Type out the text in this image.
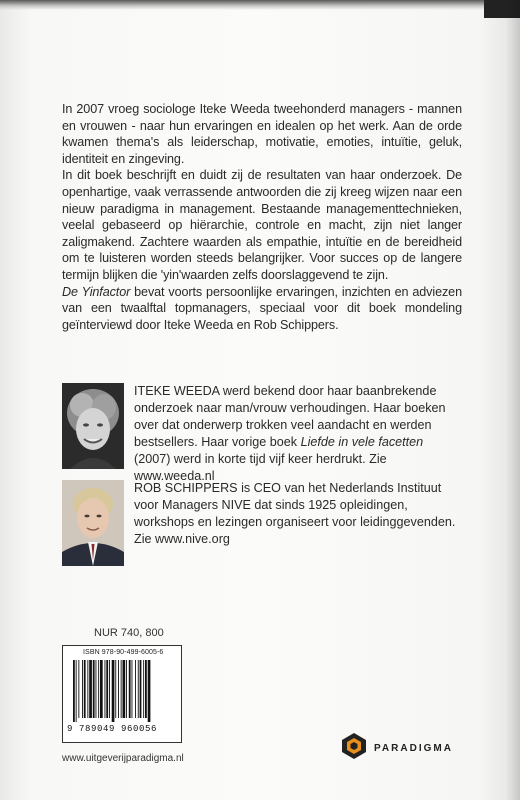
In 2007 vroeg sociologe Iteke Weeda tweehonderd managers - mannen en vrouwen - naar hun ervaringen en idealen op het werk. Aan de orde kwamen thema's als leiderschap, motivatie, emoties, intuïtie, geluk, identiteit en zingeving.

In dit boek beschrijft en duidt zij de resultaten van haar onderzoek. De openhartige, vaak verrassende antwoorden die zij kreeg wijzen naar een nieuw paradigma in management. Bestaande managementtechnieken, veelal gebaseerd op hiërarchie, controle en macht, zijn niet langer zaligmakend. Zachtere waarden als empathie, intuïtie en de bereidheid om te luisteren worden steeds belangrijker. Voor succes op de langere termijn blijken die 'yin'waarden zelfs doorslaggevend te zijn.

De Yinfactor bevat voorts persoonlijke ervaringen, inzichten en adviezen van een twaalftal topmanagers, speciaal voor dit boek mondeling geïnterviewd door Iteke Weeda en Rob Schippers.

ITEKE WEEDA werd bekend door haar baanbrekende onderzoek naar man/vrouw verhoudingen. Haar boeken over dat onderwerp trokken veel aandacht en werden bestsellers. Haar vorige boek Liefde in vele facetten (2007) werd in korte tijd vijf keer herdrukt. Zie www.weeda.nl
ROB SCHIPPERS is CEO van het Nederlands Instituut voor Managers NIVE dat sinds 1925 opleidingen, workshops en lezingen organiseert voor leidinggevenden. Zie www.nive.org
NUR 740, 800
ISBN 978-90-499-6005-6
9 789049 960056
www.uitgeverijparadigma.nl
PARADIGMA
